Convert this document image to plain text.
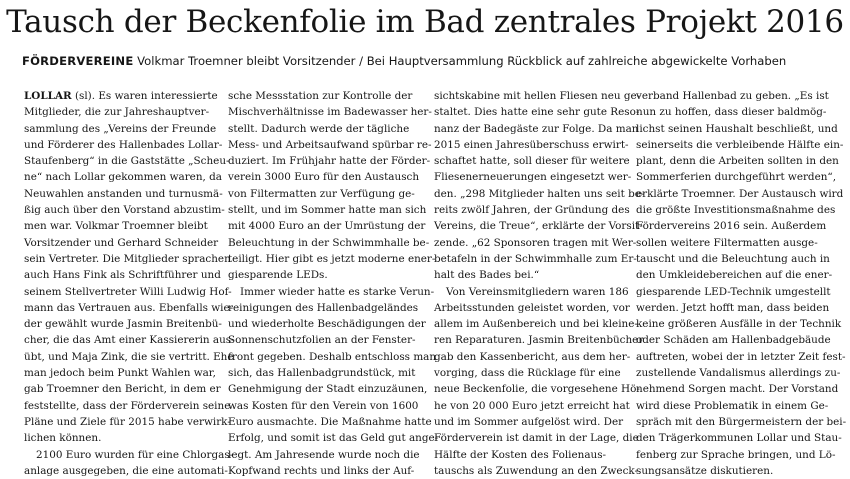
Tausch der Beckenfolie im Bad zentrales Projekt 2016
FÖRDERVEREINE Volkmar Troemner bleibt Vorsitzender / Bei Hauptversammlung Rückblick auf zahlreiche abgewickelte Vorhaben
LOLLAR (sl). Es waren interessierte
Mitglieder, die zur Jahreshauptver-
sammlung des „Vereins der Freunde
und Förderer des Hallenbades Lollar-
Staufenberg“ in die Gaststätte „Scheu-
ne“ nach Lollar gekommen waren, da
Neuwahlen anstanden und turnusmä-
ßig auch über den Vorstand abzustim-
men war. Volkmar Troemner bleibt
Vorsitzender und Gerhard Schneider
sein Vertreter. Die Mitglieder sprachen
auch Hans Fink als Schriftführer und
seinem Stellvertreter Willi Ludwig Hof-
mann das Vertrauen aus. Ebenfalls wie-
der gewählt wurde Jasmin Breitenbü-
cher, die das Amt einer Kassiererin aus-
übt, und Maja Zink, die sie vertritt. Ehe
man jedoch beim Punkt Wahlen war,
gab Troemner den Bericht, in dem er
feststellte, dass der Förderverein seine
Pläne und Ziele für 2015 habe verwirk-
lichen können.
2100 Euro wurden für eine Chlorgas-
anlage ausgegeben, die eine automati-
sche Messstation zur Kontrolle der
Mischverhältnisse im Badewasser her-
stellt. Dadurch werde der tägliche
Mess- und Arbeitsaufwand spürbar re-
duziert. Im Frühjahr hatte der Förder-
verein 3000 Euro für den Austausch
von Filtermatten zur Verfügung ge-
stellt, und im Sommer hatte man sich
mit 4000 Euro an der Umrüstung der
Beleuchtung in der Schwimmhalle be-
teiligt. Hier gibt es jetzt moderne ener-
giesparende LEDs.
Immer wieder hatte es starke Verun-
reinigungen des Hallenbadgeländes
und wiederholte Beschädigungen der
Sonnenschutzfolien an der Fenster-
front gegeben. Deshalb entschloss man
sich, das Hallenbadgrundstück, mit
Genehmigung der Stadt einzuzäunen,
was Kosten für den Verein von 1600
Euro ausmachte. Die Maßnahme hatte
Erfolg, und somit ist das Geld gut ange-
legt. Am Jahresende wurde noch die
Kopfwand rechts und links der Auf-
sichtskabine mit hellen Fliesen neu ge-
staltet. Dies hatte eine sehr gute Reso-
nanz der Badegäste zur Folge. Da man
2015 einen Jahresüberschuss erwirt-
schaftet hatte, soll dieser für weitere
Fliesenerneuerungen eingesetzt wer-
den. „298 Mitglieder halten uns seit be-
reits zwölf Jahren, der Gründung des
Vereins, die Treue“, erklärte der Vorsit-
zende. „62 Sponsoren tragen mit Wer-
betafeln in der Schwimmhalle zum Er-
halt des Bades bei.“
Von Vereinsmitgliedern waren 186
Arbeitsstunden geleistet worden, vor
allem im Außenbereich und bei kleine-
ren Reparaturen. Jasmin Breitenbücher
gab den Kassenbericht, aus dem her-
vorging, dass die Rücklage für eine
neue Beckenfolie, die vorgesehene Hö-
he von 20 000 Euro jetzt erreicht hat
und im Sommer aufgelöst wird. Der
Förderverein ist damit in der Lage, die
Hälfte der Kosten des Folienaus-
tauschs als Zuwendung an den Zweck-
verband Hallenbad zu geben. „Es ist
nun zu hoffen, dass dieser baldmög-
lichst seinen Haushalt beschließt, und
seinerseits die verbleibende Hälfte ein-
plant, denn die Arbeiten sollten in den
Sommerferien durchgeführt werden“,
erklärte Troemner. Der Austausch wird
die größte Investitionsmaßnahme des
Fördervereins 2016 sein. Außerdem
sollen weitere Filtermatten ausge-
tauscht und die Beleuchtung auch in
den Umkleidebereichen auf die ener-
giesparende LED-Technik umgestellt
werden. Jetzt hofft man, dass beiden
keine größeren Ausfälle in der Technik
oder Schäden am Hallenbadgebäude
auftreten, wobei der in letzter Zeit fest-
zustellende Vandalismus allerdings zu-
nehmend Sorgen macht. Der Vorstand
wird diese Problematik in einem Ge-
spräch mit den Bürgermeistern der bei-
den Trägerkommunen Lollar und Stau-
fenberg zur Sprache bringen, und Lö-
sungsansätze diskutieren.
